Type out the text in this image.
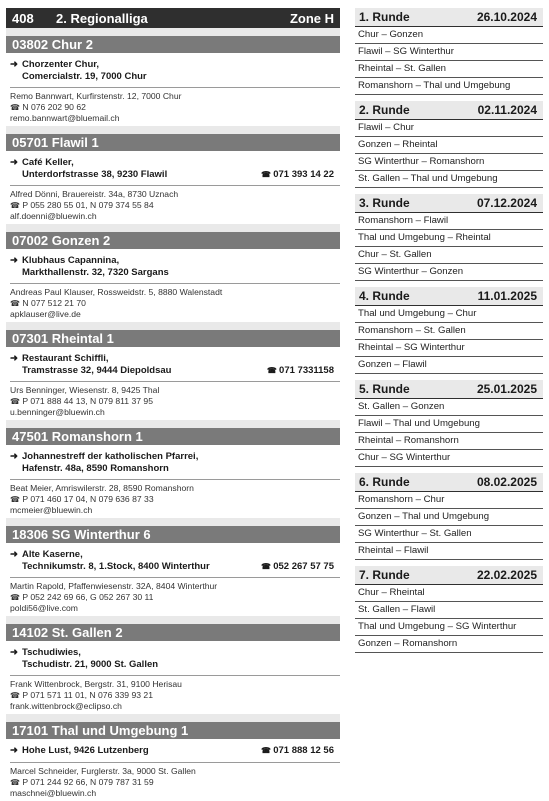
408	2. Regionalliga	Zone H
03802 Chur 2
➜ Chorzenter Chur,
Comercialstr. 19, 7000 Chur
Remo Bannwart, Kurfirstenstr. 12, 7000 Chur
☎ N 076 202 90 62
remo.bannwart@bluemail.ch
05701 Flawil 1
➜ Café Keller,
Unterdorfstrasse 38, 9230 Flawil	☎ 071 393 14 22
Alfred Dönni, Brauereistr. 34a, 8730 Uznach
☎ P 055 280 55 01, N 079 374 55 84
alf.doenni@bluewin.ch
07002 Gonzen 2
➜ Klubhaus Capannina,
Markthallenstr. 32, 7320 Sargans
Andreas Paul Klauser, Rossweidstr. 5, 8880 Walenstadt
☎ N 077 512 21 70
apklauser@live.de
07301 Rheintal 1
➜ Restaurant Schiffli,
Tramstrasse 32, 9444 Diepoldsau	☎ 071 7331158
Urs Benninger, Wiesenstr. 8, 9425 Thal
☎ P 071 888 44 13, N 079 811 37 95
u.benninger@bluewin.ch
47501 Romanshorn 1
➜ Johannestreff der katholischen Pfarrei,
Hafenstr. 48a, 8590 Romanshorn
Beat Meier, Amriswilerstr. 28, 8590 Romanshorn
☎ P 071 460 17 04, N 079 636 87 33
mcmeier@bluewin.ch
18306 SG Winterthur 6
➜ Alte Kaserne,
Technikumstr. 8, 1.Stock, 8400 Winterthur	☎ 052 267 57 75
Martin Rapold, Pfaffenwiesenstr. 32A, 8404 Winterthur
☎ P 052 242 69 66, G 052 267 30 11
poldi56@live.com
14102 St. Gallen 2
➜ Tschudiwies,
Tschudistr. 21, 9000 St. Gallen
Frank Wittenbrock, Bergstr. 31, 9100 Herisau
☎ P 071 571 11 01, N 076 339 93 21
frank.wittenbrock@eclipso.ch
17101 Thal und Umgebung 1
➜ Hohe Lust, 9426 Lutzenberg	☎ 071 888 12 56
Marcel Schneider, Furglerstr. 3a, 9000 St. Gallen
☎ P 071 244 92 66, N 079 787 31 59
maschnei@bluewin.ch
1. Runde	26.10.2024
Chur – Gonzen
Flawil – SG Winterthur
Rheintal – St. Gallen
Romanshorn – Thal und Umgebung
2. Runde	02.11.2024
Flawil – Chur
Gonzen – Rheintal
SG Winterthur – Romanshorn
St. Gallen – Thal und Umgebung
3. Runde	07.12.2024
Romanshorn – Flawil
Thal und Umgebung – Rheintal
Chur – St. Gallen
SG Winterthur – Gonzen
4. Runde	11.01.2025
Thal und Umgebung – Chur
Romanshorn – St. Gallen
Rheintal – SG Winterthur
Gonzen – Flawil
5. Runde	25.01.2025
St. Gallen – Gonzen
Flawil – Thal und Umgebung
Rheintal – Romanshorn
Chur – SG Winterthur
6. Runde	08.02.2025
Romanshorn – Chur
Gonzen – Thal und Umgebung
SG Winterthur – St. Gallen
Rheintal – Flawil
7. Runde	22.02.2025
Chur – Rheintal
St. Gallen – Flawil
Thal und Umgebung – SG Winterthur
Gonzen – Romanshorn
